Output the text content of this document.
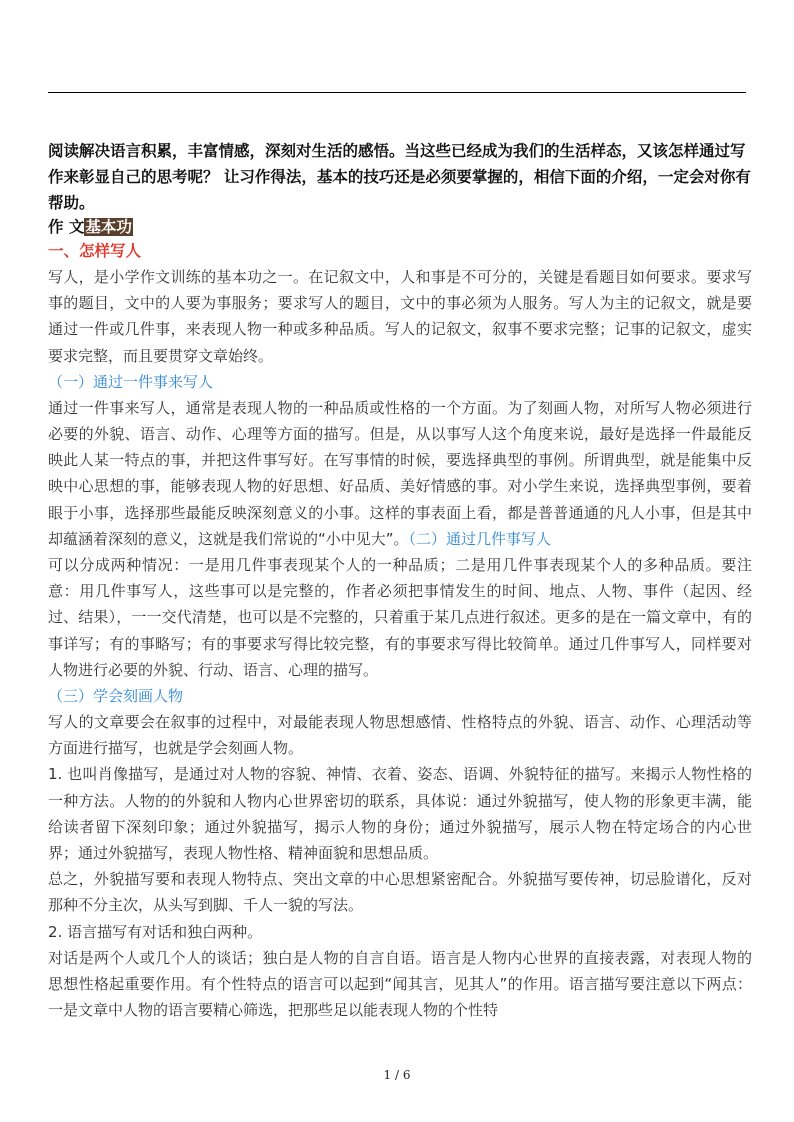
阅读解决语言积累，丰富情感，深刻对生活的感悟。当这些已经成为我们的生活样态，又该怎样通过写作来彰显自己的思考呢？ 让习作得法，基本的技巧还是必须要掌握的，相信下面的介绍，一定会对你有帮助。

作 文基本功

一、怎样写人

写人，是小学作文训练的基本功之一。在记叙文中，人和事是不可分的，关键是看题目如何要求。要求写事的题目，文中的人要为事服务；要求写人的题目，文中的事必须为人服务。写人为主的记叙文，就是要通过一件或几件事，来表现人物一种或多种品质。写人的记叙文，叙事不要求完整；记事的记叙文，虚实要求完整，而且要贯穿文章始终。

（一）通过一件事来写人

通过一件事来写人，通常是表现人物的一种品质或性格的一个方面。为了刻画人物，对所写人物必须进行必要的外貌、语言、动作、心理等方面的描写。但是，从以事写人这个角度来说，最好是选择一件最能反映此人某一特点的事，并把这件事写好。在写事情的时候，要选择典型的事例。所谓典型，就是能集中反映中心思想的事，能够表现人物的好思想、好品质、美好情感的事。对小学生来说，选择典型事例，要着眼于小事，选择那些最能反映深刻意义的小事。这样的事表面上看，都是普普通通的凡人小事，但是其中却蕴涵着深刻的意义，这就是我们常说的“小中见大”。（二）通过几件事写人

可以分成两种情况：一是用几件事表现某个人的一种品质；二是用几件事表现某个人的多种品质。要注意：用几件事写人，这些事可以是完整的，作者必须把事情发生的时间、地点、人物、事件（起因、经过、结果），一一交代清楚，也可以是不完整的，只着重于某几点进行叙述。更多的是在一篇文章中，有的事详写；有的事略写；有的事要求写得比较完整，有的事要求写得比较简单。通过几件事写人，同样要对人物进行必要的外貌、行动、语言、心理的描写。

（三）学会刻画人物

写人的文章要会在叙事的过程中，对最能表现人物思想感情、性格特点的外貌、语言、动作、心理活动等方面进行描写，也就是学会刻画人物。

1. 也叫肖像描写，是通过对人物的容貌、神情、衣着、姿态、语调、外貌特征的描写。来揭示人物性格的一种方法。人物的的外貌和人物内心世界密切的联系，具体说：通过外貌描写，使人物的形象更丰满，能给读者留下深刻印象；通过外貌描写，揭示人物的身份；通过外貌描写，展示人物在特定场合的内心世界；通过外貌描写，表现人物性格、精神面貌和思想品质。

总之，外貌描写要和表现人物特点、突出文章的中心思想紧密配合。外貌描写要传神，切忌脸谱化，反对那种不分主次，从头写到脚、千人一貌的写法。

2. 语言描写有对话和独白两种。

对话是两个人或几个人的谈话；独白是人物的自言自语。语言是人物内心世界的直接表露，对表现人物的思想性格起重要作用。有个性特点的语言可以起到“闻其言，见其人”的作用。语言描写要注意以下两点：一是文章中人物的语言要精心筛选，把那些足以能表现人物的个性特

1 / 6
